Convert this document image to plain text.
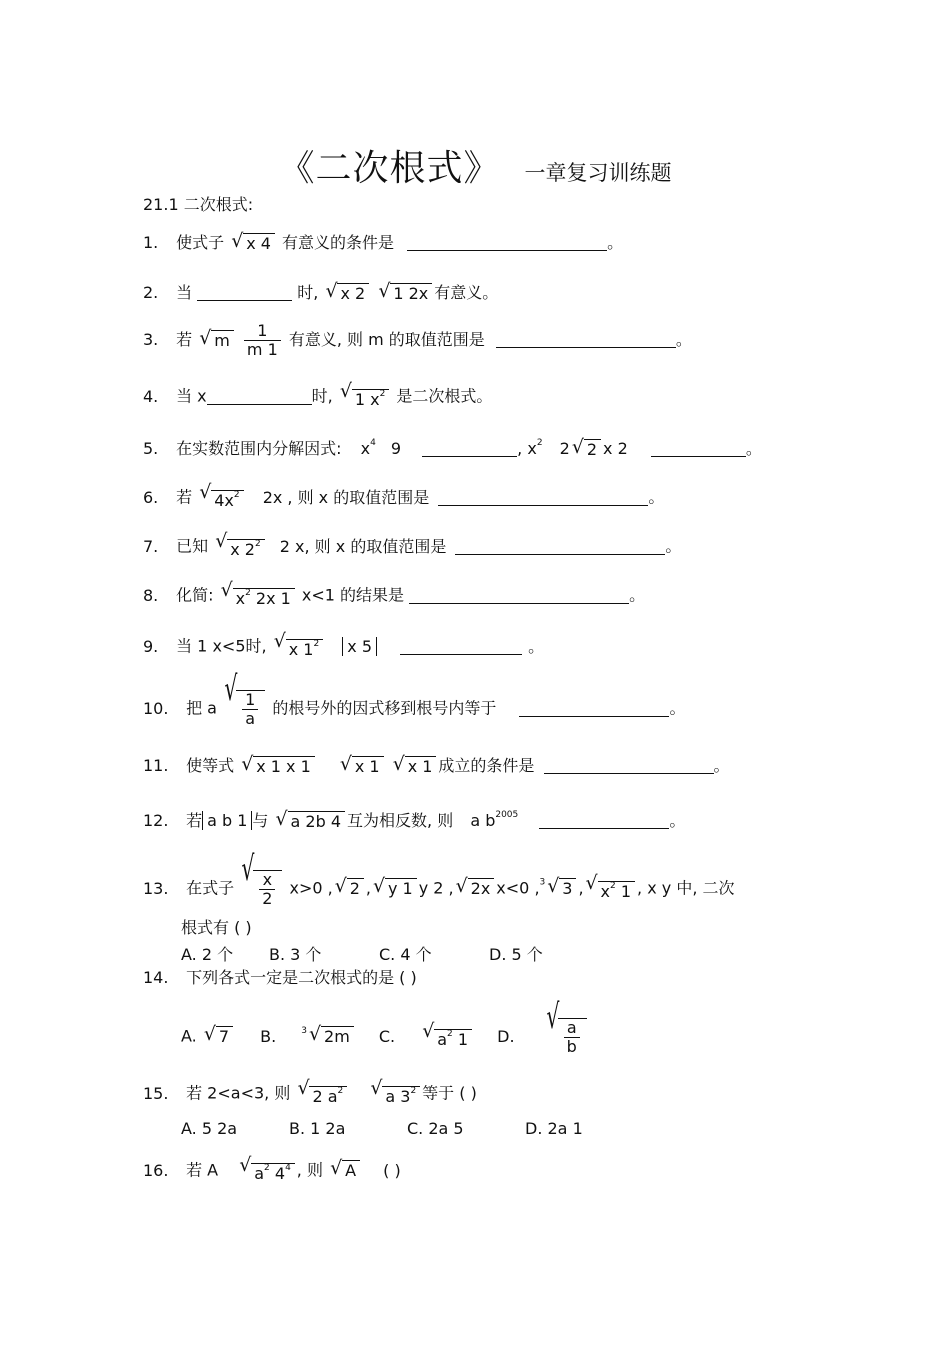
《二次根式》 一章复习训练题
21.1 二次根式:
1. 使式子 √ x 4 有意义的条件是	。
2. 当	时, √ x 2 √ 1 2x 有意义。
3. 若 √ m $\frac{1}{m 1}$ 有意义, 则 m 的取值范围是	。
4. 当 x	时, √ 1 $x^2$ 是二次根式。
5. 在实数范围内分解因式: $x^4$ 9	, $x^2$ 2 √ 2 x 2	。
6. 若 √ $4x^2$ 2x , 则 x 的取值范围是	。
7. 已知 √ x $2^2$ 2 x, 则 x 的取值范围是	。
8. 化简: √ $x^2$ 2x 1 x<1 的结果是	。
9. 当 1 x<5时, √ x $1^2$ x 5	。
10. 把 a √ $\frac{1}{a}$ 的根号外的因式移到根号内等于	。
11. 使等式 √ x 1 x 1	√ x 1 √ x 1 成立的条件是	。
12. 若 a b 1 与 √ a 2b 4 互为相反数, 则 a $b^{2005}$	。
13. 在式子 √ $\frac{x}{2} x>0$ , √ 2 , √ y 1 y 2 , √ 2x x<0 ,$^3$ √ 3 , √ $x^2$ 1 , x y 中, 二次
根式有 ( )
A. 2 个 B. 3 个	C. 4 个	D. 5 个
14. 下列各式一定是二次根式的是 ( )
A. √ 7 B.	$^3$ √ 2m C.	√ $a^2$ 1 D.	√ $\frac{a}{b}$
15. 若 2<a<3, 则 √ 2 $a^2$	√ a $3^2$ 等于 ( )
A. 5 2a	B. 1 2a	C. 2a 5	D. 2a 1
16. 若 A √ $a^2$ $4^4$ , 则 √ A ( )
